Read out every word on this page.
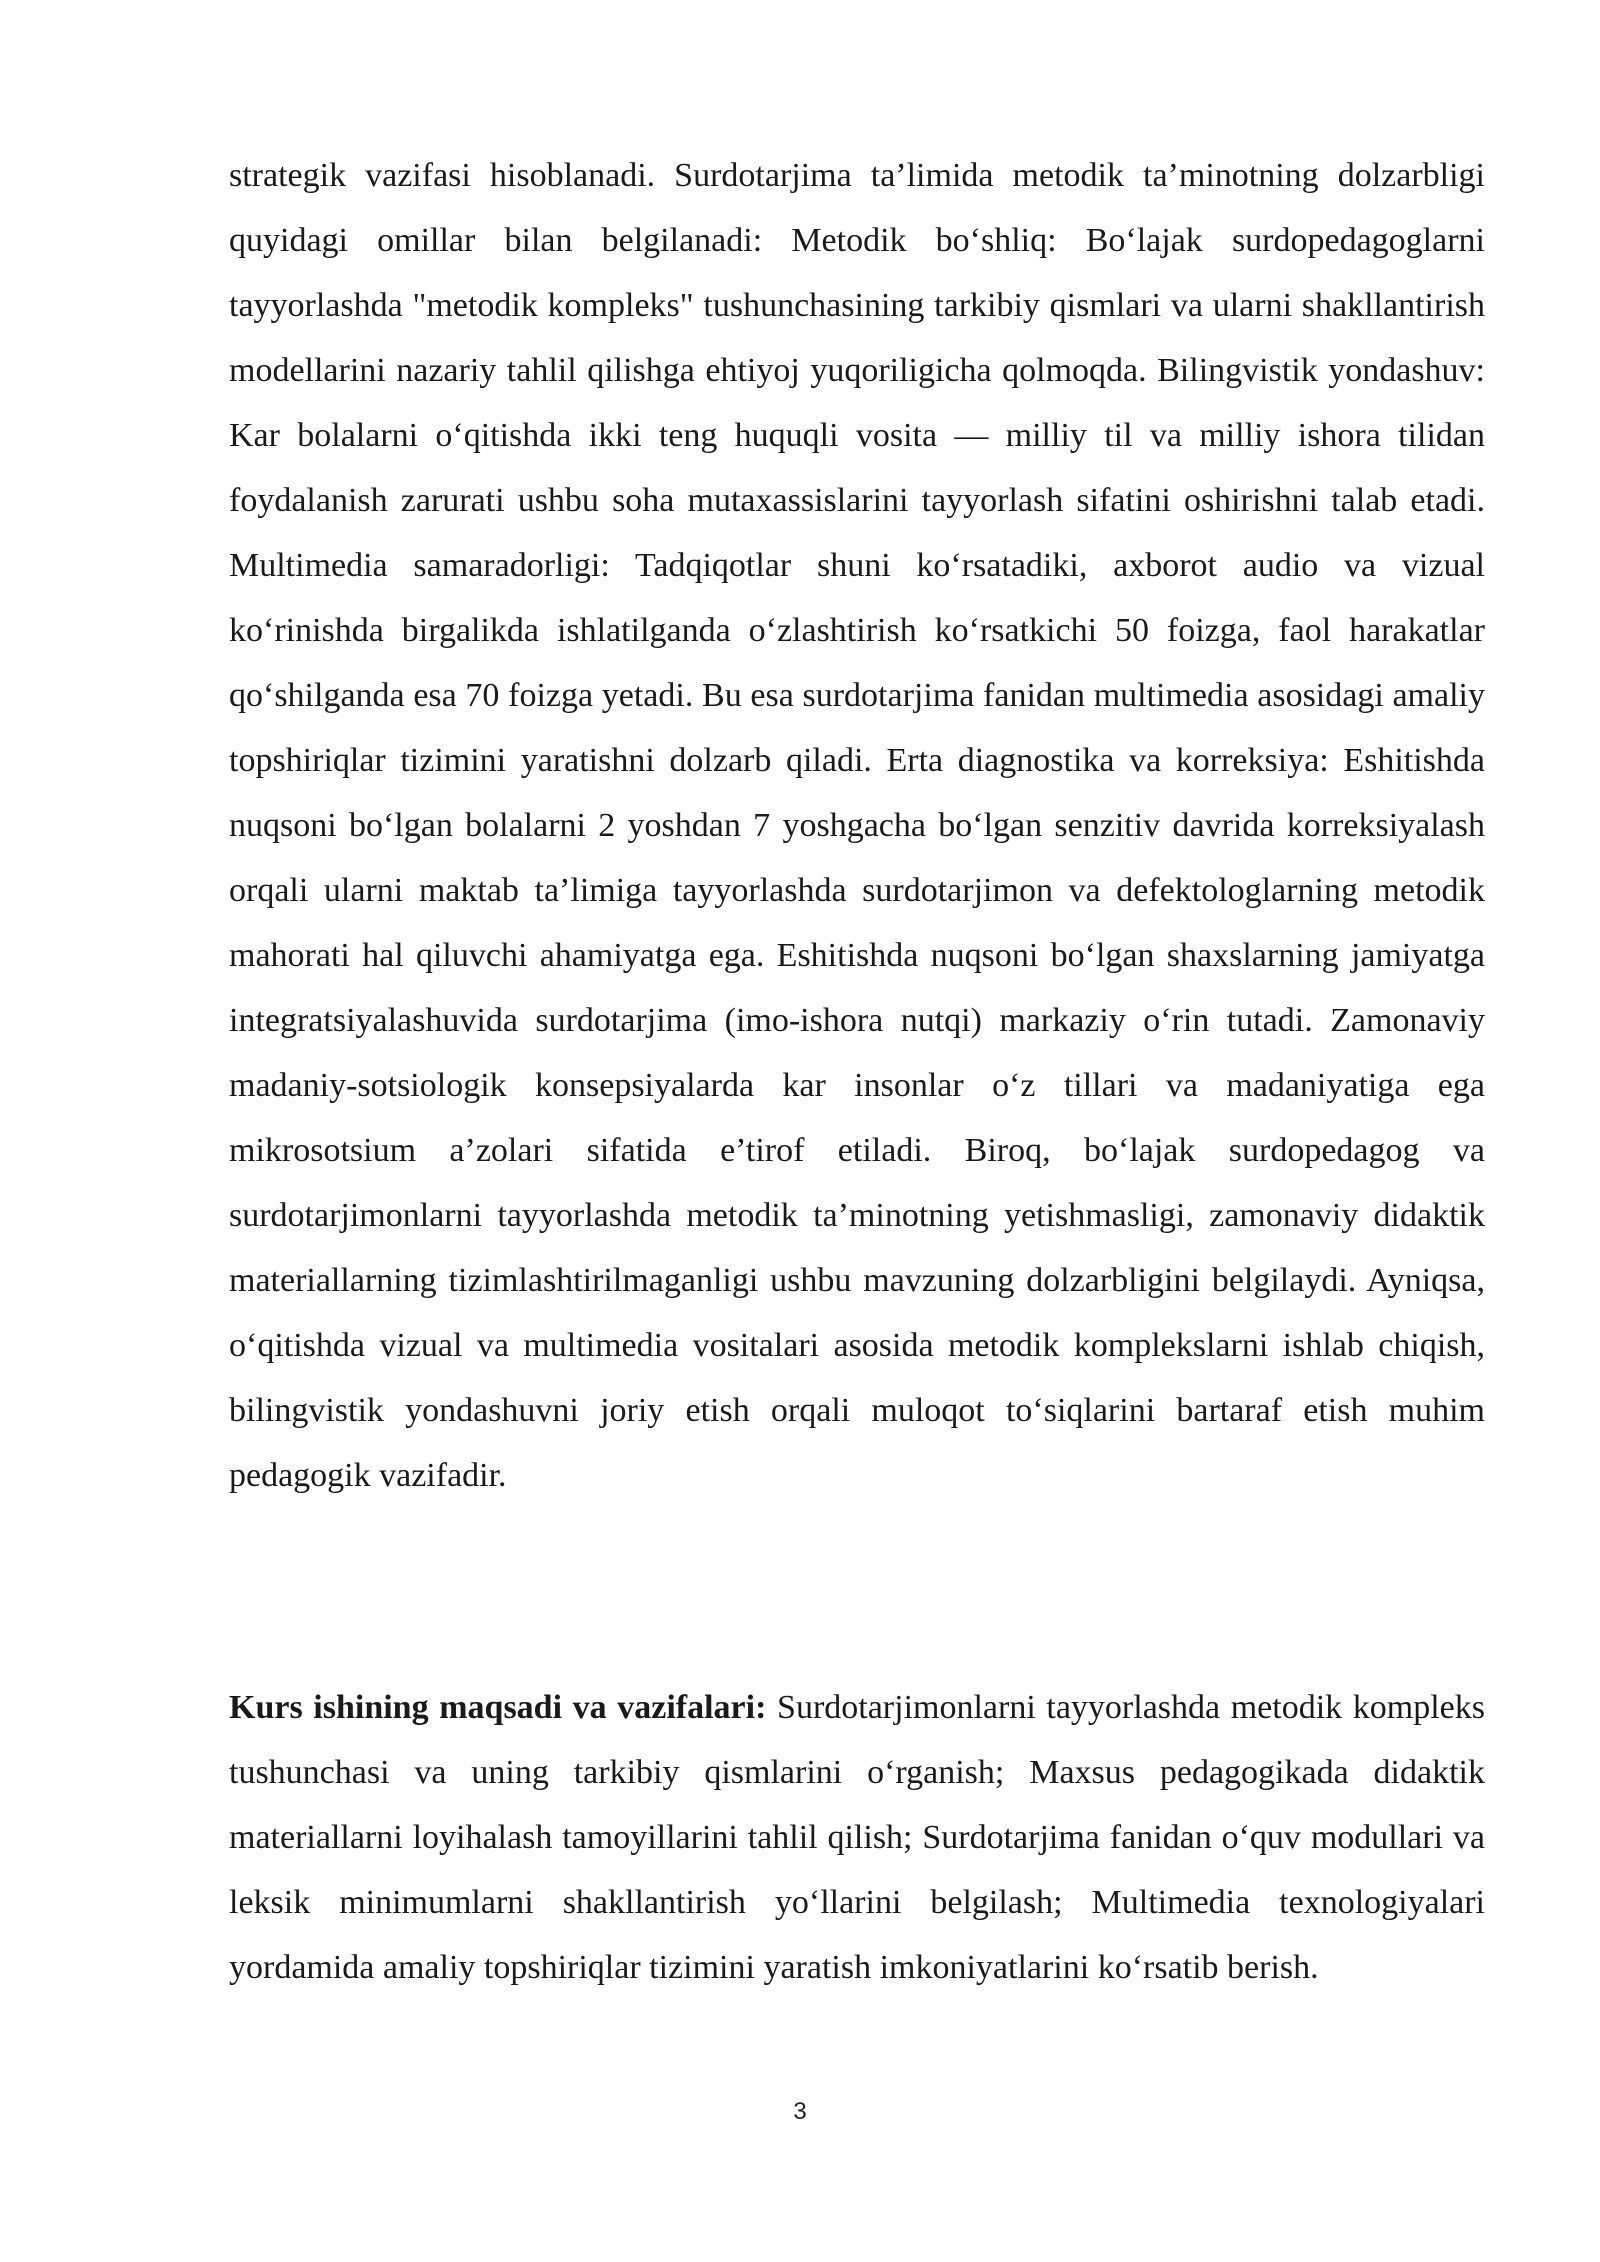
strategik vazifasi hisoblanadi. Surdotarjima ta’limida metodik ta’minotning dolzarbligi quyidagi omillar bilan belgilanadi: Metodik bo‘shliq: Bo‘lajak surdopedagoglarni tayyorlashda "metodik kompleks" tushunchasining tarkibiy qismlari va ularni shakllantirish modellarini nazariy tahlil qilishga ehtiyoj yuqoriligicha qolmoqda. Bilingvistik yondashuv: Kar bolalarni o‘qitishda ikki teng huquqli vosita — milliy til va milliy ishora tilidan foydalanish zarurati ushbu soha mutaxassislarini tayyorlash sifatini oshirishni talab etadi. Multimedia samaradorligi: Tadqiqotlar shuni ko‘rsatadiki, axborot audio va vizual ko‘rinishda birgalikda ishlatilganda o‘zlashtirish ko‘rsatkichi 50 foizga, faol harakatlar qo‘shilganda esa 70 foizga yetadi. Bu esa surdotarjima fanidan multimedia asosidagi amaliy topshiriqlar tizimini yaratishni dolzarb qiladi. Erta diagnostika va korreksiya: Eshitishda nuqsoni bo‘lgan bolalarni 2 yoshdan 7 yoshgacha bo‘lgan senzitiv davrida korreksiyalash orqali ularni maktab ta’limiga tayyorlashda surdotarjimon va defektologlarning metodik mahorati hal qiluvchi ahamiyatga ega. Eshitishda nuqsoni bo‘lgan shaxslarning jamiyatga integratsiyalashuvida surdotarjima (imo-ishora nutqi) markaziy o‘rin tutadi. Zamonaviy madaniy-sotsiologik konsepsiyalarda kar insonlar o‘z tillari va madaniyatiga ega mikrosotsium a’zolari sifatida e’tirof etiladi. Biroq, bo‘lajak surdopedagog va surdotarjimonlarni tayyorlashda metodik ta’minotning yetishmasligi, zamonaviy didaktik materiallarning tizimlashtirilmaganligi ushbu mavzuning dolzarbligini belgilaydi. Ayniqsa, o‘qitishda vizual va multimedia vositalari asosida metodik komplekslarni ishlab chiqish, bilingvistik yondashuvni joriy etish orqali muloqot to‘siqlarini bartaraf etish muhim pedagogik vazifadir.

Kurs ishining maqsadi va vazifalari: Surdotarjimonlarni tayyorlashda metodik kompleks tushunchasi va uning tarkibiy qismlarini o‘rganish; Maxsus pedagogikada didaktik materiallarni loyihalash tamoyillarini tahlil qilish; Surdotarjima fanidan o‘quv modullari va leksik minimumlarni shakllantirish yo‘llarini belgilash; Multimedia texnologiyalari yordamida amaliy topshiriqlar tizimini yaratish imkoniyatlarini ko‘rsatib berish.

3
